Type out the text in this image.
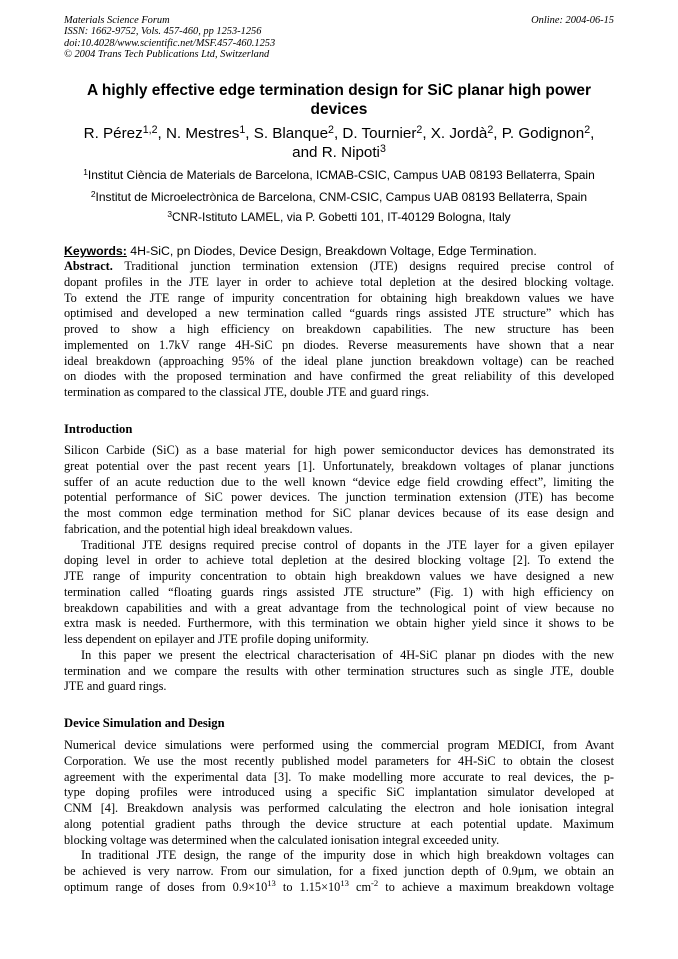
Materials Science Forum	Online: 2004-06-15
ISSN: 1662-9752, Vols. 457-460, pp 1253-1256
doi:10.4028/www.scientific.net/MSF.457-460.1253
© 2004 Trans Tech Publications Ltd, Switzerland
A highly effective edge termination design for SiC planar high power
devices
R. Pérez$^{1,2}$, N. Mestres$^1$, S. Blanque$^2$, D. Tournier$^2$, X. Jordà$^2$, P. Godignon$^2$,
and R. Nipoti$^3$
$^1$Institut Ciència de Materials de Barcelona, ICMAB-CSIC, Campus UAB 08193 Bellaterra, Spain
$^2$Institut de Microelectrònica de Barcelona, CNM-CSIC, Campus UAB 08193 Bellaterra, Spain
$^3$CNR-Istituto LAMEL, via P. Gobetti 101, IT-40129 Bologna, Italy
Keywords: 4H-SiC, pn Diodes, Device Design, Breakdown Voltage, Edge Termination.
Abstract. Traditional junction termination extension (JTE) designs required precise control of
dopant profiles in the JTE layer in order to achieve total depletion at the desired blocking voltage.
To extend the JTE range of impurity concentration for obtaining high breakdown values we have
optimised and developed a new termination called “guards rings assisted JTE structure” which has
proved to show a high efficiency on breakdown capabilities. The new structure has been
implemented on 1.7kV range 4H-SiC pn diodes. Reverse measurements have shown that a near
ideal breakdown (approaching 95% of the ideal plane junction breakdown voltage) can be reached
on diodes with the proposed termination and have confirmed the great reliability of this developed
termination as compared to the classical JTE, double JTE and guard rings.
Introduction
Silicon Carbide (SiC) as a base material for high power semiconductor devices has demonstrated its
great potential over the past recent years [1]. Unfortunately, breakdown voltages of planar junctions
suffer of an acute reduction due to the well known “device edge field crowding effect”, limiting the
potential performance of SiC power devices. The junction termination extension (JTE) has become
the most common edge termination method for SiC planar devices because of its ease design and
fabrication, and the potential high ideal breakdown values.
Traditional JTE designs required precise control of dopants in the JTE layer for a given epilayer
doping level in order to achieve total depletion at the desired blocking voltage [2]. To extend the
JTE range of impurity concentration to obtain high breakdown values we have designed a new
termination called “floating guards rings assisted JTE structure” (Fig. 1) with high efficiency on
breakdown capabilities and with a great advantage from the technological point of view because no
extra mask is needed. Furthermore, with this termination we obtain higher yield since it shows to be
less dependent on epilayer and JTE profile doping uniformity.
In this paper we present the electrical characterisation of 4H-SiC planar pn diodes with the new
termination and we compare the results with other termination structures such as single JTE, double
JTE and guard rings.
Device Simulation and Design
Numerical device simulations were performed using the commercial program MEDICI, from Avant
Corporation. We use the most recently published model parameters for 4H-SiC to obtain the closest
agreement with the experimental data [3]. To make modelling more accurate to real devices, the p-
type doping profiles were introduced using a specific SiC implantation simulator developed at
CNM [4]. Breakdown analysis was performed calculating the electron and hole ionisation integral
along potential gradient paths through the device structure at each potential update. Maximum
blocking voltage was determined when the calculated ionisation integral exceeded unity.
In traditional JTE design, the range of the impurity dose in which high breakdown voltages can
be achieved is very narrow. From our simulation, for a fixed junction depth of 0.9μm, we obtain an
optimum range of doses from $0.9\times 10^{13}$ to $1.15\times 10^{13}$ $cm^{-2}$ to achieve a maximum breakdown voltage
